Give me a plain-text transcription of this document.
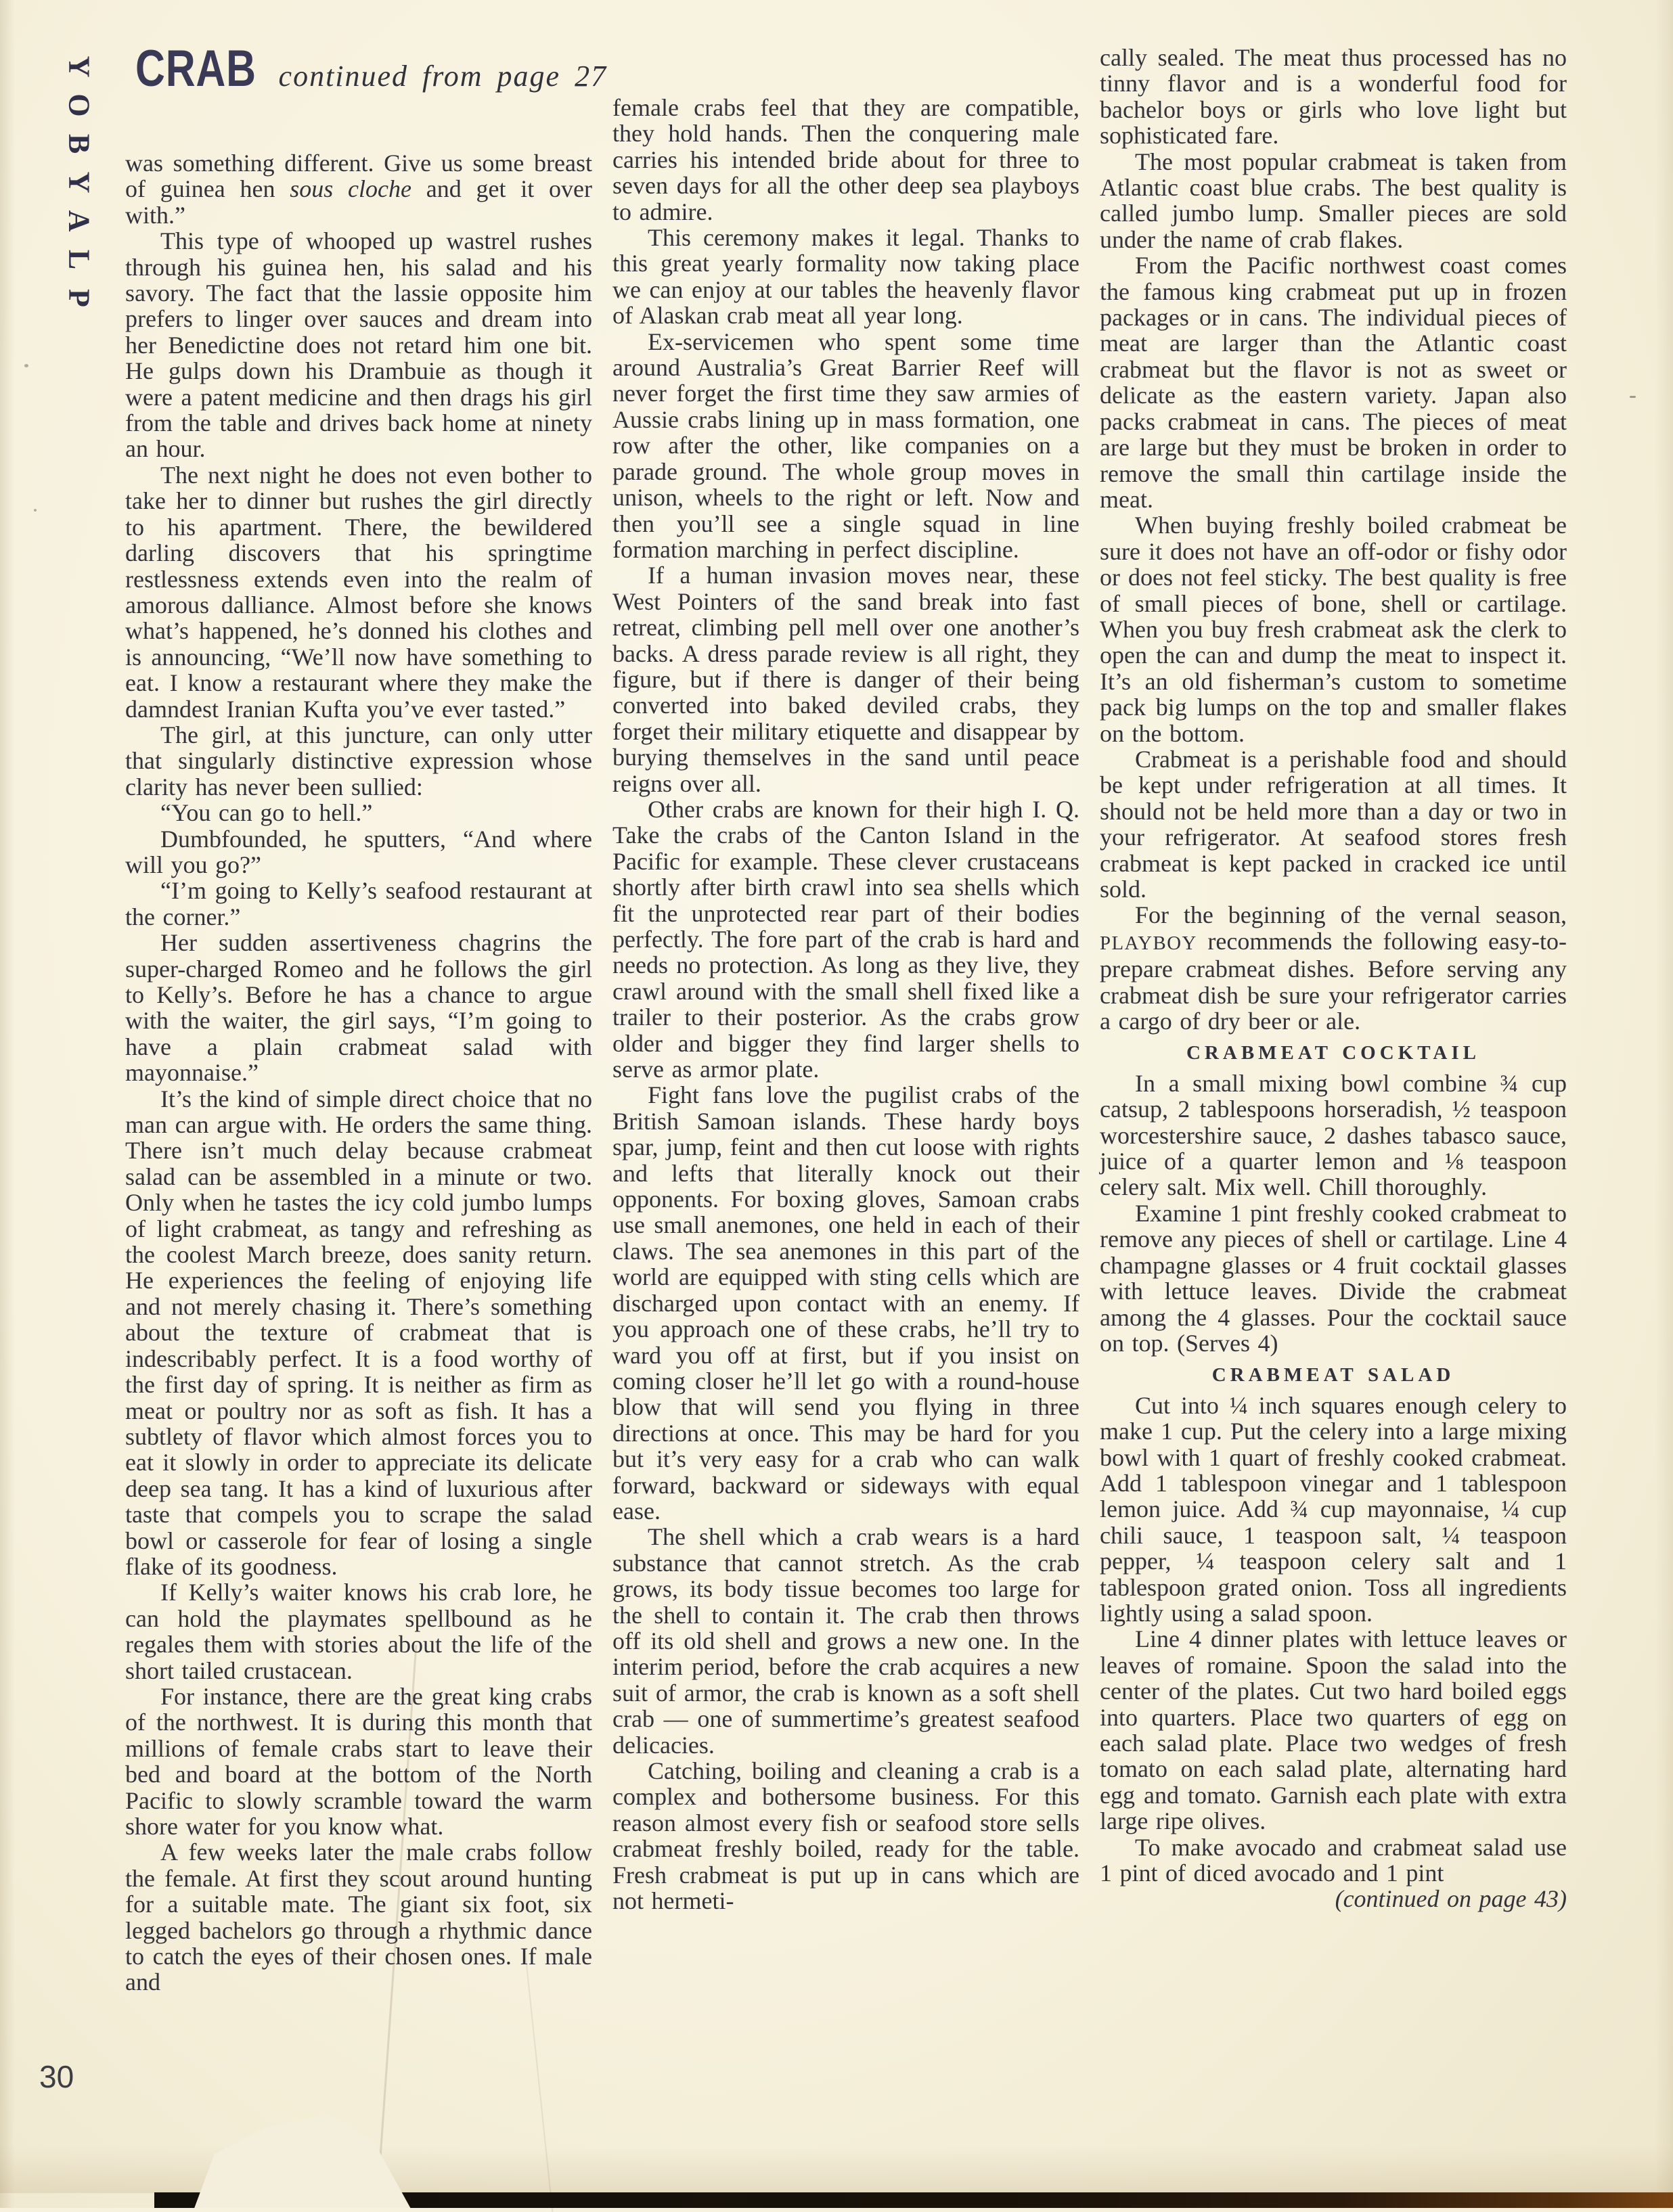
Y
O
B
Y
A
L
P
CRAB continued from page 27

was something different. Give us some breast of guinea hen sous cloche and get it over with.”

This type of whooped up wastrel rushes through his guinea hen, his salad and his savory. The fact that the lassie opposite him prefers to linger over sauces and dream into her Benedictine does not retard him one bit. He gulps down his Drambuie as though it were a patent medicine and then drags his girl from the table and drives back home at ninety an hour.

The next night he does not even bother to take her to dinner but rushes the girl directly to his apartment. There, the bewildered darling discovers that his springtime restlessness extends even into the realm of amorous dalliance. Almost before she knows what’s happened, he’s donned his clothes and is announcing, “We’ll now have something to eat. I know a restaurant where they make the damndest Iranian Kufta you’ve ever tasted.”

The girl, at this juncture, can only utter that singularly distinctive expression whose clarity has never been sullied:

“You can go to hell.”

Dumbfounded, he sputters, “And where will you go?”

“I’m going to Kelly’s seafood restaurant at the corner.”

Her sudden assertiveness chagrins the super-charged Romeo and he follows the girl to Kelly’s. Before he has a chance to argue with the waiter, the girl says, “I’m going to have a plain crabmeat salad with mayonnaise.”

It’s the kind of simple direct choice that no man can argue with. He orders the same thing. There isn’t much delay because crabmeat salad can be assembled in a minute or two. Only when he tastes the icy cold jumbo lumps of light crabmeat, as tangy and refreshing as the coolest March breeze, does sanity return. He experiences the feeling of enjoying life and not merely chasing it. There’s something about the texture of crabmeat that is indescribably perfect. It is a food worthy of the first day of spring. It is neither as firm as meat or poultry nor as soft as fish. It has a subtlety of flavor which almost forces you to eat it slowly in order to appreciate its delicate deep sea tang. It has a kind of luxurious after taste that compels you to scrape the salad bowl or casserole for fear of losing a single flake of its goodness.

If Kelly’s waiter knows his crab lore, he can hold the playmates spellbound as he regales them with stories about the life of the short tailed crustacean.

For instance, there are the great king crabs of the northwest. It is during this month that millions of female crabs start to leave their bed and board at the bottom of the North Pacific to slowly scramble toward the warm shore water for you know what.

A few weeks later the male crabs follow the female. At first they scout around hunting for a suitable mate. The giant six foot, six legged bachelors go through a rhythmic dance to catch the eyes of their chosen ones. If male and

female crabs feel that they are compatible, they hold hands. Then the conquering male carries his intended bride about for three to seven days for all the other deep sea playboys to admire.

This ceremony makes it legal. Thanks to this great yearly formality now taking place we can enjoy at our tables the heavenly flavor of Alaskan crab meat all year long.

Ex-servicemen who spent some time around Australia’s Great Barrier Reef will never forget the first time they saw armies of Aussie crabs lining up in mass formation, one row after the other, like companies on a parade ground. The whole group moves in unison, wheels to the right or left. Now and then you’ll see a single squad in line formation marching in perfect discipline.

If a human invasion moves near, these West Pointers of the sand break into fast retreat, climbing pell mell over one another’s backs. A dress parade review is all right, they figure, but if there is danger of their being converted into baked deviled crabs, they forget their military etiquette and disappear by burying themselves in the sand until peace reigns over all.

Other crabs are known for their high I. Q. Take the crabs of the Canton Island in the Pacific for example. These clever crustaceans shortly after birth crawl into sea shells which fit the unprotected rear part of their bodies perfectly. The fore part of the crab is hard and needs no protection. As long as they live, they crawl around with the small shell fixed like a trailer to their posterior. As the crabs grow older and bigger they find larger shells to serve as armor plate.

Fight fans love the pugilist crabs of the British Samoan islands. These hardy boys spar, jump, feint and then cut loose with rights and lefts that literally knock out their opponents. For boxing gloves, Samoan crabs use small anemones, one held in each of their claws. The sea anemones in this part of the world are equipped with sting cells which are discharged upon contact with an enemy. If you approach one of these crabs, he’ll try to ward you off at first, but if you insist on coming closer he’ll let go with a round-house blow that will send you flying in three directions at once. This may be hard for you but it’s very easy for a crab who can walk forward, backward or sideways with equal ease.

The shell which a crab wears is a hard substance that cannot stretch. As the crab grows, its body tissue becomes too large for the shell to contain it. The crab then throws off its old shell and grows a new one. In the interim period, before the crab acquires a new suit of armor, the crab is known as a soft shell crab — one of summertime’s greatest seafood delicacies.

Catching, boiling and cleaning a crab is a complex and bothersome business. For this reason almost every fish or seafood store sells crabmeat freshly boiled, ready for the table. Fresh crabmeat is put up in cans which are not hermeti-

cally sealed. The meat thus processed has no tinny flavor and is a wonderful food for bachelor boys or girls who love light but sophisticated fare.

The most popular crabmeat is taken from Atlantic coast blue crabs. The best quality is called jumbo lump. Smaller pieces are sold under the name of crab flakes.

From the Pacific northwest coast comes the famous king crabmeat put up in frozen packages or in cans. The individual pieces of meat are larger than the Atlantic coast crabmeat but the flavor is not as sweet or delicate as the eastern variety. Japan also packs crabmeat in cans. The pieces of meat are large but they must be broken in order to remove the small thin cartilage inside the meat.

When buying freshly boiled crabmeat be sure it does not have an off-odor or fishy odor or does not feel sticky. The best quality is free of small pieces of bone, shell or cartilage. When you buy fresh crabmeat ask the clerk to open the can and dump the meat to inspect it. It’s an old fisherman’s custom to sometime pack big lumps on the top and smaller flakes on the bottom.

Crabmeat is a perishable food and should be kept under refrigeration at all times. It should not be held more than a day or two in your refrigerator. At seafood stores fresh crabmeat is kept packed in cracked ice until sold.

For the beginning of the vernal season, PLAYBOY recommends the following easy-to-prepare crabmeat dishes. Before serving any crabmeat dish be sure your refrigerator carries a cargo of dry beer or ale.

CRABMEAT COCKTAIL

In a small mixing bowl combine ¾ cup catsup, 2 tablespoons horseradish, ½ teaspoon worcestershire sauce, 2 dashes tabasco sauce, juice of a quarter lemon and ⅛ teaspoon celery salt. Mix well. Chill thoroughly.

Examine 1 pint freshly cooked crabmeat to remove any pieces of shell or cartilage. Line 4 champagne glasses or 4 fruit cocktail glasses with lettuce leaves. Divide the crabmeat among the 4 glasses. Pour the cocktail sauce on top. (Serves 4)

CRABMEAT SALAD

Cut into ¼ inch squares enough celery to make 1 cup. Put the celery into a large mixing bowl with 1 quart of freshly cooked crabmeat. Add 1 tablespoon vinegar and 1 tablespoon lemon juice. Add ¾ cup mayonnaise, ¼ cup chili sauce, 1 teaspoon salt, ¼ teaspoon pepper, ¼ teaspoon celery salt and 1 tablespoon grated onion. Toss all ingredients lightly using a salad spoon.

Line 4 dinner plates with lettuce leaves or leaves of romaine. Spoon the salad into the center of the plates. Cut two hard boiled eggs into quarters. Place two quarters of egg on each salad plate. Place two wedges of fresh tomato on each salad plate, alternating hard egg and tomato. Garnish each plate with extra large ripe olives.

To make avocado and crabmeat salad use 1 pint of diced avocado and 1 pint

(continued on page 43)

30
